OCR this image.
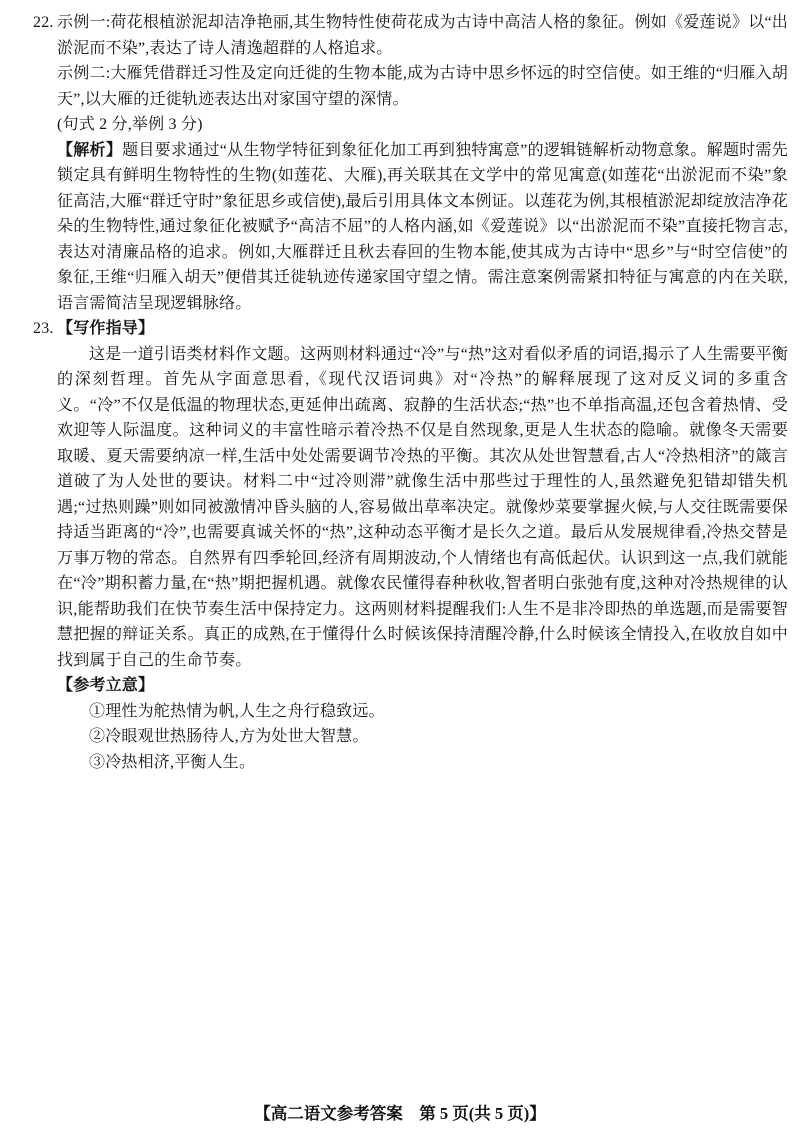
22. 示例一:荷花根植淤泥却洁净艳丽,其生物特性使荷花成为古诗中高洁人格的象征。例如《爱莲说》以“出淤泥而不染”,表达了诗人清逸超群的人格追求。

示例二:大雁凭借群迁习性及定向迁徙的生物本能,成为古诗中思乡怀远的时空信使。如王维的“归雁入胡天”,以大雁的迁徙轨迹表达出对家国守望的深情。

(句式 2 分,举例 3 分)

【解析】题目要求通过“从生物学特征到象征化加工再到独特寓意”的逻辑链解析动物意象。解题时需先锁定具有鲜明生物特性的生物(如莲花、大雁),再关联其在文学中的常见寓意(如莲花“出淤泥而不染”象征高洁,大雁“群迁守时”象征思乡或信使),最后引用具体文本例证。以莲花为例,其根植淤泥却绽放洁净花朵的生物特性,通过象征化被赋予“高洁不屈”的人格内涵,如《爱莲说》以“出淤泥而不染”直接托物言志,表达对清廉品格的追求。例如,大雁群迁且秋去春回的生物本能,使其成为古诗中“思乡”与“时空信使”的象征,王维“归雁入胡天”便借其迁徙轨迹传递家国守望之情。需注意案例需紧扣特征与寓意的内在关联,语言需简洁呈现逻辑脉络。

23. 【写作指导】

这是一道引语类材料作文题。这两则材料通过“冷”与“热”这对看似矛盾的词语,揭示了人生需要平衡的深刻哲理。首先从字面意思看,《现代汉语词典》对“冷热”的解释展现了这对反义词的多重含义。“冷”不仅是低温的物理状态,更延伸出疏离、寂静的生活状态;“热”也不单指高温,还包含着热情、受欢迎等人际温度。这种词义的丰富性暗示着冷热不仅是自然现象,更是人生状态的隐喻。就像冬天需要取暖、夏天需要纳凉一样,生活中处处需要调节冷热的平衡。其次从处世智慧看,古人“冷热相济”的箴言道破了为人处世的要诀。材料二中“过冷则滞”就像生活中那些过于理性的人,虽然避免犯错却错失机遇;“过热则躁”则如同被激情冲昏头脑的人,容易做出草率决定。就像炒菜要掌握火候,与人交往既需要保持适当距离的“冷”,也需要真诚关怀的“热”,这种动态平衡才是长久之道。最后从发展规律看,冷热交替是万事万物的常态。自然界有四季轮回,经济有周期波动,个人情绪也有高低起伏。认识到这一点,我们就能在“冷”期积蓄力量,在“热”期把握机遇。就像农民懂得春种秋收,智者明白张弛有度,这种对冷热规律的认识,能帮助我们在快节奏生活中保持定力。这两则材料提醒我们:人生不是非冷即热的单选题,而是需要智慧把握的辩证关系。真正的成熟,在于懂得什么时候该保持清醒冷静,什么时候该全情投入,在收放自如中找到属于自己的生命节奏。

【参考立意】

①理性为舵热情为帆,人生之舟行稳致远。

②冷眼观世热肠待人,方为处世大智慧。

③冷热相济,平衡人生。

【高二语文参考答案　第 5 页(共 5 页)】
